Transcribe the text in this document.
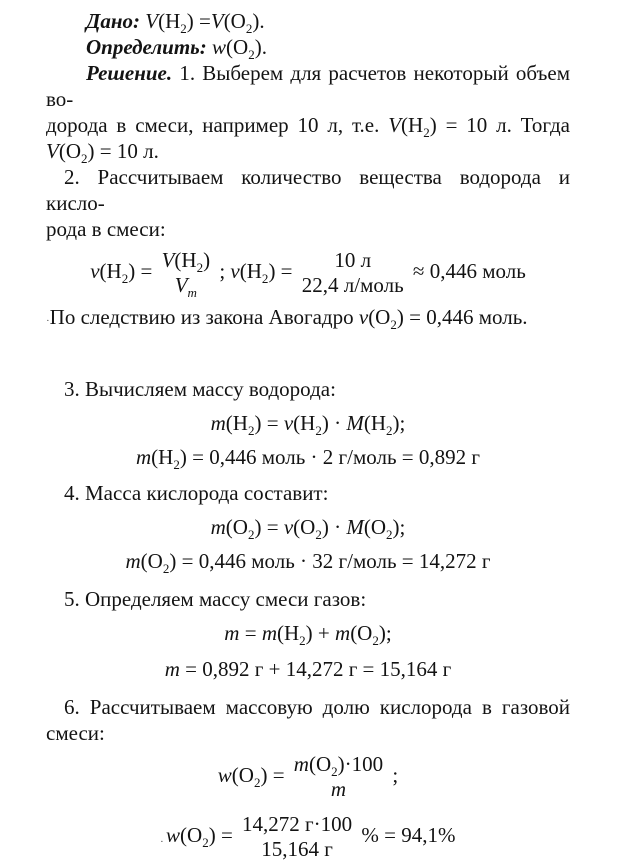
Дано: $V(H_2) =V(O_2)$.
Определить: $w(O_2)$.
Решение. 1. Выберем для расчетов некоторый объем во-
дорода в смеси, например 10 л, т.е. $V(H_2) = 10$ л. Тогда
$V(O_2) = 10$ л.
2. Рассчитываем количество вещества водорода и кисло-
рода в смеси:
$\nu(H_2) = V(H_2)$
$V_m$
; $\nu(H_2)$ =	10 л
22,4 л/моль
≈ 0,446 моль
·По следствию из закона Авогадро $\nu(O_2) = 0,446$ моль.
3. Вычисляем массу водорода:
$m(H_2) = \nu(H_2) \cdot M(H_2)$;
$m(H_2) = 0,446$ моль · 2 г/моль = 0,892 г
4. Масса кислорода составит:
$m(O_2) = \nu(O_2) \cdot M(O_2)$;
$m(O_2) = 0,446$ моль · 32 г/моль = 14,272 г
5. Определяем массу смеси газов:
$m = m(H_2) + m(O_2)$;
m = 0,892 г + 14,272 г = 15,164 г
6. Рассчитываем массовую долю кислорода в газовой
смеси:
$w(O_2) = m(O_2)\cdot 100$
m
;
. $w(O_2) = 14,272$ г·100
15,164 г
% = 94,1%
